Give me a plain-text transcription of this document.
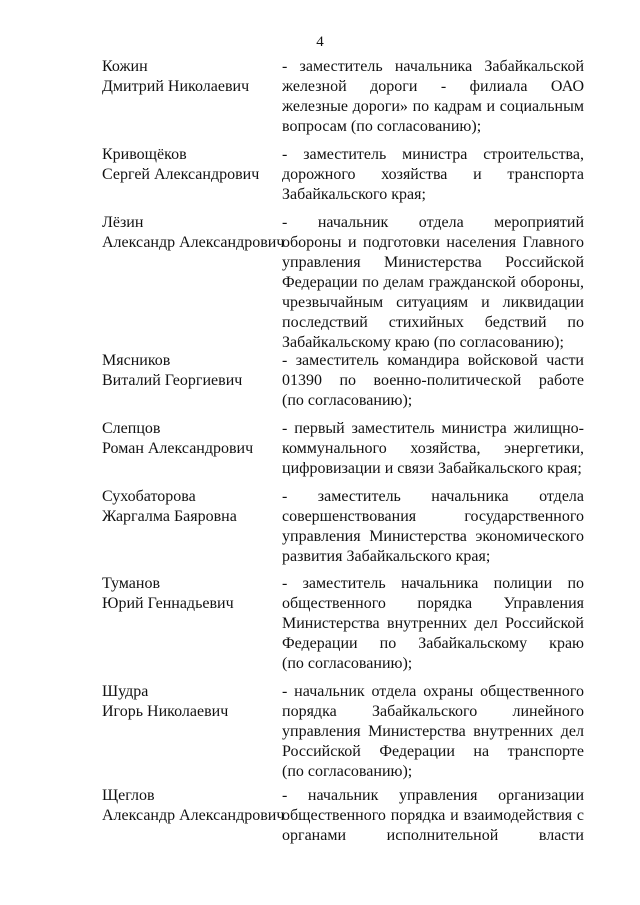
4
Кожин
Дмитрий Николаевич
- заместитель начальника Забайкальской
железной дороги - филиала ОАО
железные дороги» по кадрам и социальным
вопросам (по согласованию);
Кривощёков
Сергей Александрович
- заместитель министра строительства,
дорожного хозяйства и транспорта
Забайкальского края;
Лёзин
Александр Александрович
- начальник отдела мероприятий
обороны и подготовки населения Главного
управления Министерства Российской
Федерации по делам гражданской обороны,
чрезвычайным ситуациям и ликвидации
последствий стихийных бедствий по
Забайкальскому краю (по согласованию);
Мясников
Виталий Георгиевич
- заместитель командира войсковой части
01390 по военно-политической работе
(по согласованию);
Слепцов
Роман Александрович
- первый заместитель министра жилищно-
коммунального хозяйства, энергетики,
цифровизации и связи Забайкальского края;
Сухобаторова
Жаргалма Баяровна
- заместитель начальника отдела
совершенствования государственного
управления Министерства экономического
развития Забайкальского края;
Туманов
Юрий Геннадьевич
- заместитель начальника полиции по
общественного порядка Управления
Министерства внутренних дел Российской
Федерации по Забайкальскому краю
(по согласованию);
Шудра
Игорь Николаевич
- начальник отдела охраны общественного
порядка Забайкальского линейного
управления Министерства внутренних дел
Российской Федерации на транспорте
(по согласованию);
Щеглов
Александр Александрович
- начальник управления организации
общественного порядка и взаимодействия с
органами исполнительной власти
